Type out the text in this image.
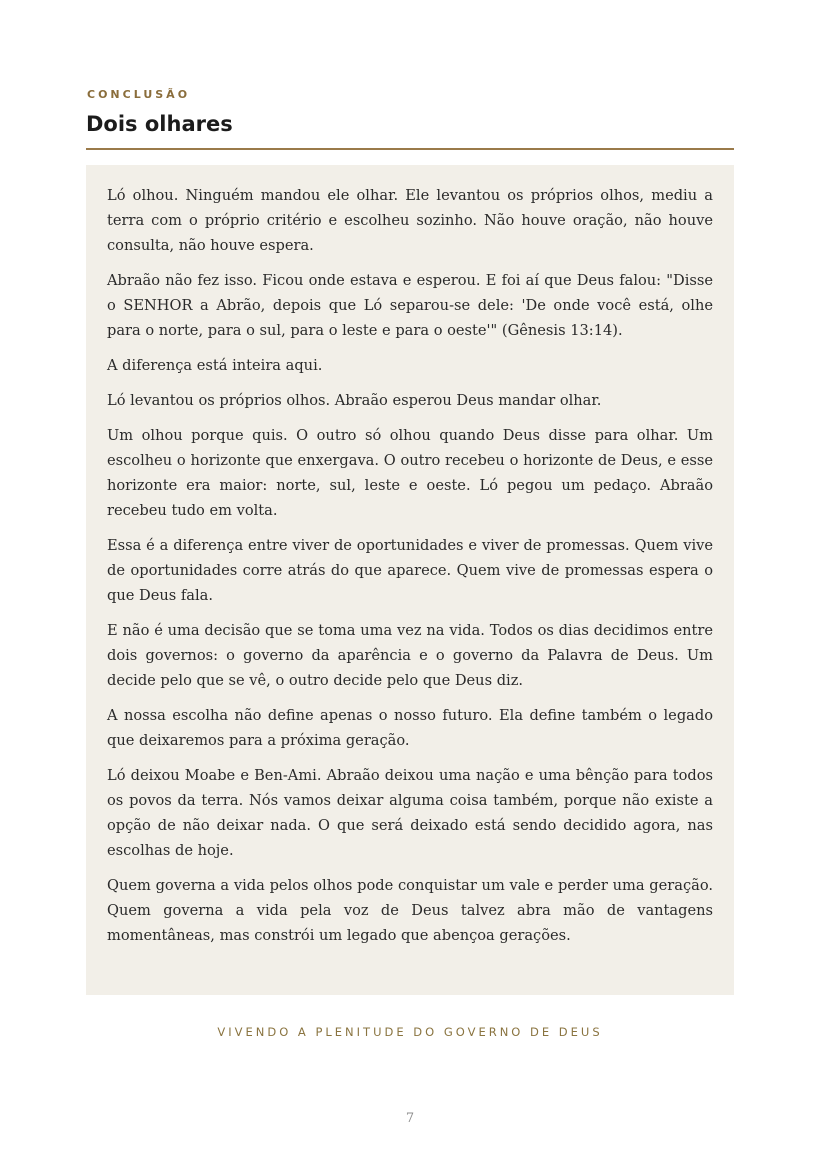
CONCLUSÃO
Dois olhares

Ló olhou. Ninguém mandou ele olhar. Ele levantou os próprios olhos, mediu a terra com o próprio critério e escolheu sozinho. Não houve oração, não houve consulta, não houve espera.

Abraão não fez isso. Ficou onde estava e esperou. E foi aí que Deus falou: "Disse o SENHOR a Abrão, depois que Ló separou-se dele: 'De onde você está, olhe para o norte, para o sul, para o leste e para o oeste'" (Gênesis 13:14).

A diferença está inteira aqui.

Ló levantou os próprios olhos. Abraão esperou Deus mandar olhar.

Um olhou porque quis. O outro só olhou quando Deus disse para olhar. Um escolheu o horizonte que enxergava. O outro recebeu o horizonte de Deus, e esse horizonte era maior: norte, sul, leste e oeste. Ló pegou um pedaço. Abraão recebeu tudo em volta.

Essa é a diferença entre viver de oportunidades e viver de promessas. Quem vive de oportunidades corre atrás do que aparece. Quem vive de promessas espera o que Deus fala.

E não é uma decisão que se toma uma vez na vida. Todos os dias decidimos entre dois governos: o governo da aparência e o governo da Palavra de Deus. Um decide pelo que se vê, o outro decide pelo que Deus diz.

A nossa escolha não define apenas o nosso futuro. Ela define também o legado que deixaremos para a próxima geração.

Ló deixou Moabe e Ben-Ami. Abraão deixou uma nação e uma bênção para todos os povos da terra. Nós vamos deixar alguma coisa também, porque não existe a opção de não deixar nada. O que será deixado está sendo decidido agora, nas escolhas de hoje.

Quem governa a vida pelos olhos pode conquistar um vale e perder uma geração. Quem governa a vida pela voz de Deus talvez abra mão de vantagens momentâneas, mas constrói um legado que abençoa gerações.

VIVENDO A PLENITUDE DO GOVERNO DE DEUS
7
